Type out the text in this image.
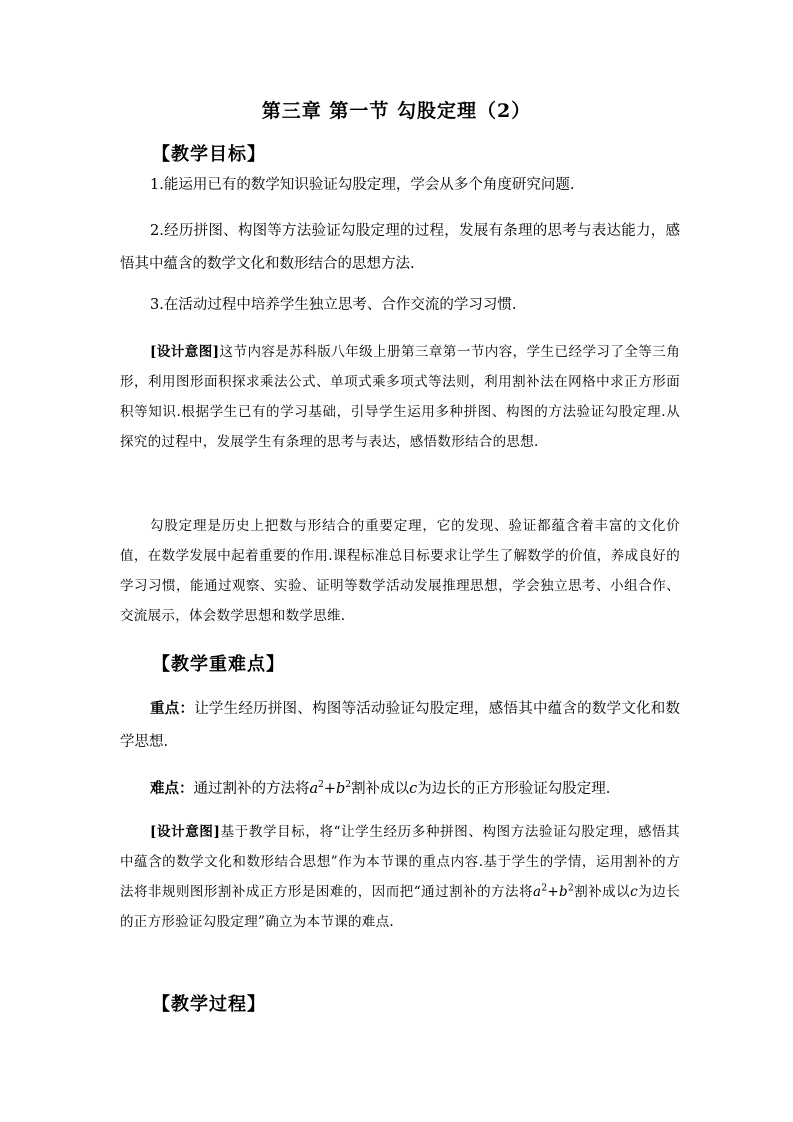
第三章 第一节 勾股定理（2）
【教学目标】
1.能运用已有的数学知识验证勾股定理，学会从多个角度研究问题.
2.经历拼图、构图等方法验证勾股定理的过程，发展有条理的思考与表达能力，感悟其中蕴含的数学文化和数形结合的思想方法.
3.在活动过程中培养学生独立思考、合作交流的学习习惯.
[设计意图]这节内容是苏科版八年级上册第三章第一节内容，学生已经学习了全等三角形，利用图形面积探求乘法公式、单项式乘多项式等法则，利用割补法在网格中求正方形面积等知识.根据学生已有的学习基础，引导学生运用多种拼图、构图的方法验证勾股定理.从探究的过程中，发展学生有条理的思考与表达，感悟数形结合的思想.
勾股定理是历史上把数与形结合的重要定理，它的发现、验证都蕴含着丰富的文化价值，在数学发展中起着重要的作用.课程标准总目标要求让学生了解数学的价值，养成良好的学习习惯，能通过观察、实验、证明等数学活动发展推理思想，学会独立思考、小组合作、交流展示，体会数学思想和数学思维.
【教学重难点】
重点：让学生经历拼图、构图等活动验证勾股定理，感悟其中蕴含的数学文化和数学思想.
难点：通过割补的方法将$a^2+b^2$割补成以c为边长的正方形验证勾股定理.
[设计意图]基于教学目标，将“让学生经历多种拼图、构图方法验证勾股定理，感悟其中蕴含的数学文化和数形结合思想”作为本节课的重点内容.基于学生的学情，运用割补的方法将非规则图形割补成正方形是困难的，因而把“通过割补的方法将$a^2+b^2$割补成以c为边长的正方形验证勾股定理”确立为本节课的难点.
【教学过程】
